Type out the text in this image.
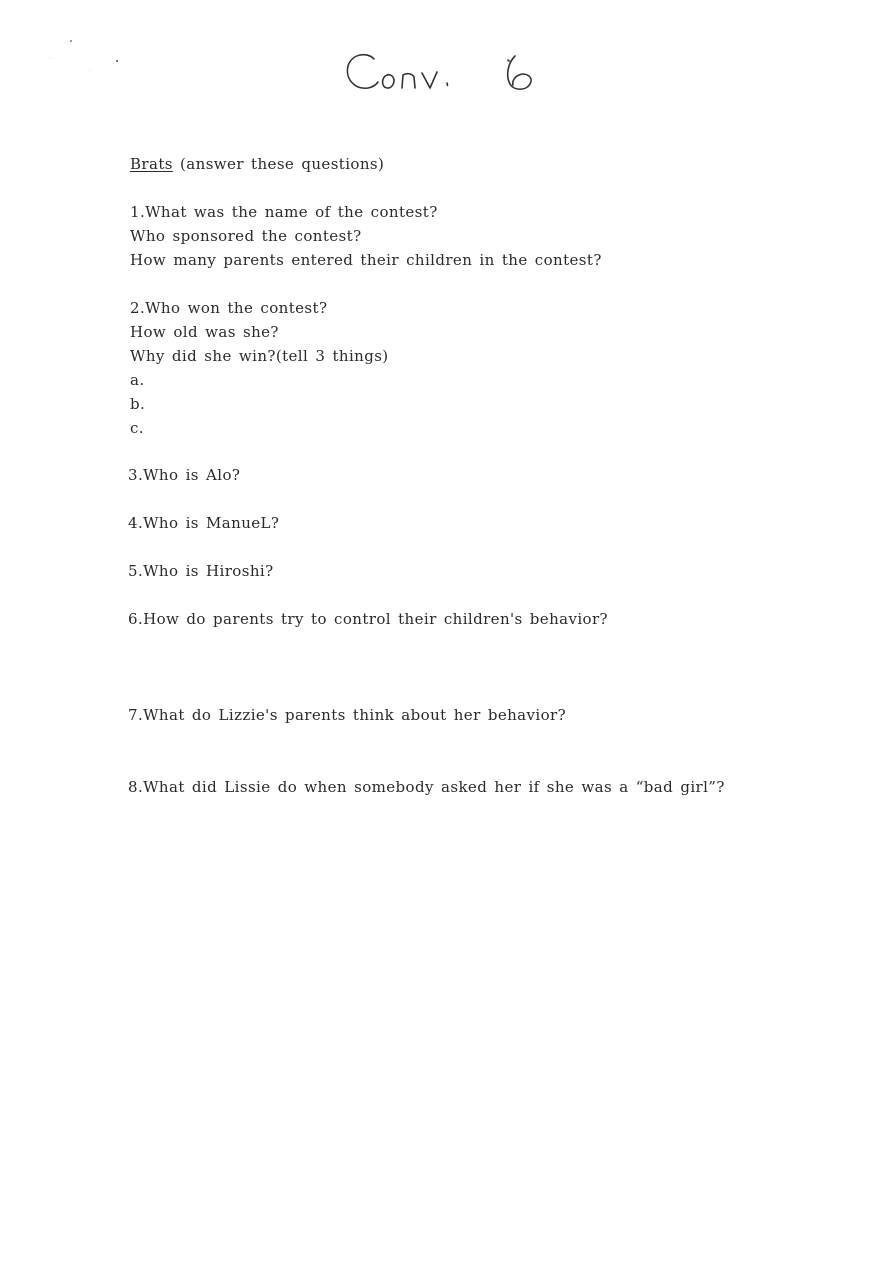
Brats (answer these questions)
1.What was the name of the contest?
Who sponsored the contest?
How many parents entered their children in the contest?
2.Who won the contest?
How old was she?
Why did she win?(tell 3 things)
a.
b.
c.
3.Who is Alo?
4.Who is ManueL?
5.Who is Hiroshi?
6.How do parents try to control their children's behavior?
7.What do Lizzie's parents think about her behavior?
8.What did Lissie do when somebody asked her if she was a “bad girl”?
